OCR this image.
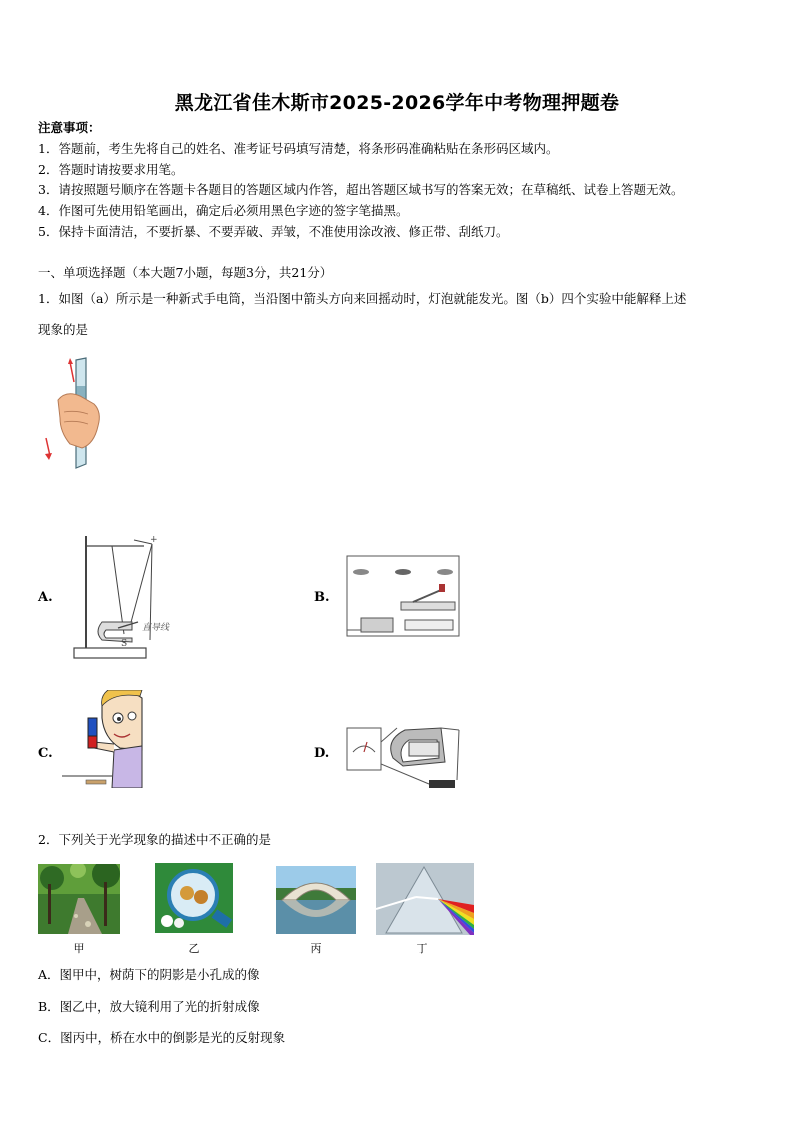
黑龙江省佳木斯市2025-2026学年中考物理押题卷
注意事项：
1．答题前，考生先将自己的姓名、准考证号码填写清楚，将条形码准确粘贴在条形码区域内。
2．答题时请按要求用笔。
3．请按照题号顺序在答题卡各题目的答题区域内作答，超出答题区域书写的答案无效；在草稿纸、试卷上答题无效。
4．作图可先使用铅笔画出，确定后必须用黑色字迹的签字笔描黑。
5．保持卡面清洁，不要折暴、不要弄破、弄皱，不准使用涂改液、修正带、刮纸刀。
一、单项选择题（本大题7小题，每题3分，共21分）
1．如图（a）所示是一种新式手电筒，当沿图中箭头方向来回摇动时，灯泡就能发光。图（b）四个实验中能解释上述
现象的是
A.
+
直导线
S
B.
C.	D.
2．下列关于光学现象的描述中不正确的是
甲	乙	丙	丁
A．图甲中，树荫下的阴影是小孔成的像
B．图乙中，放大镜利用了光的折射成像
C．图丙中，桥在水中的倒影是光的反射现象
